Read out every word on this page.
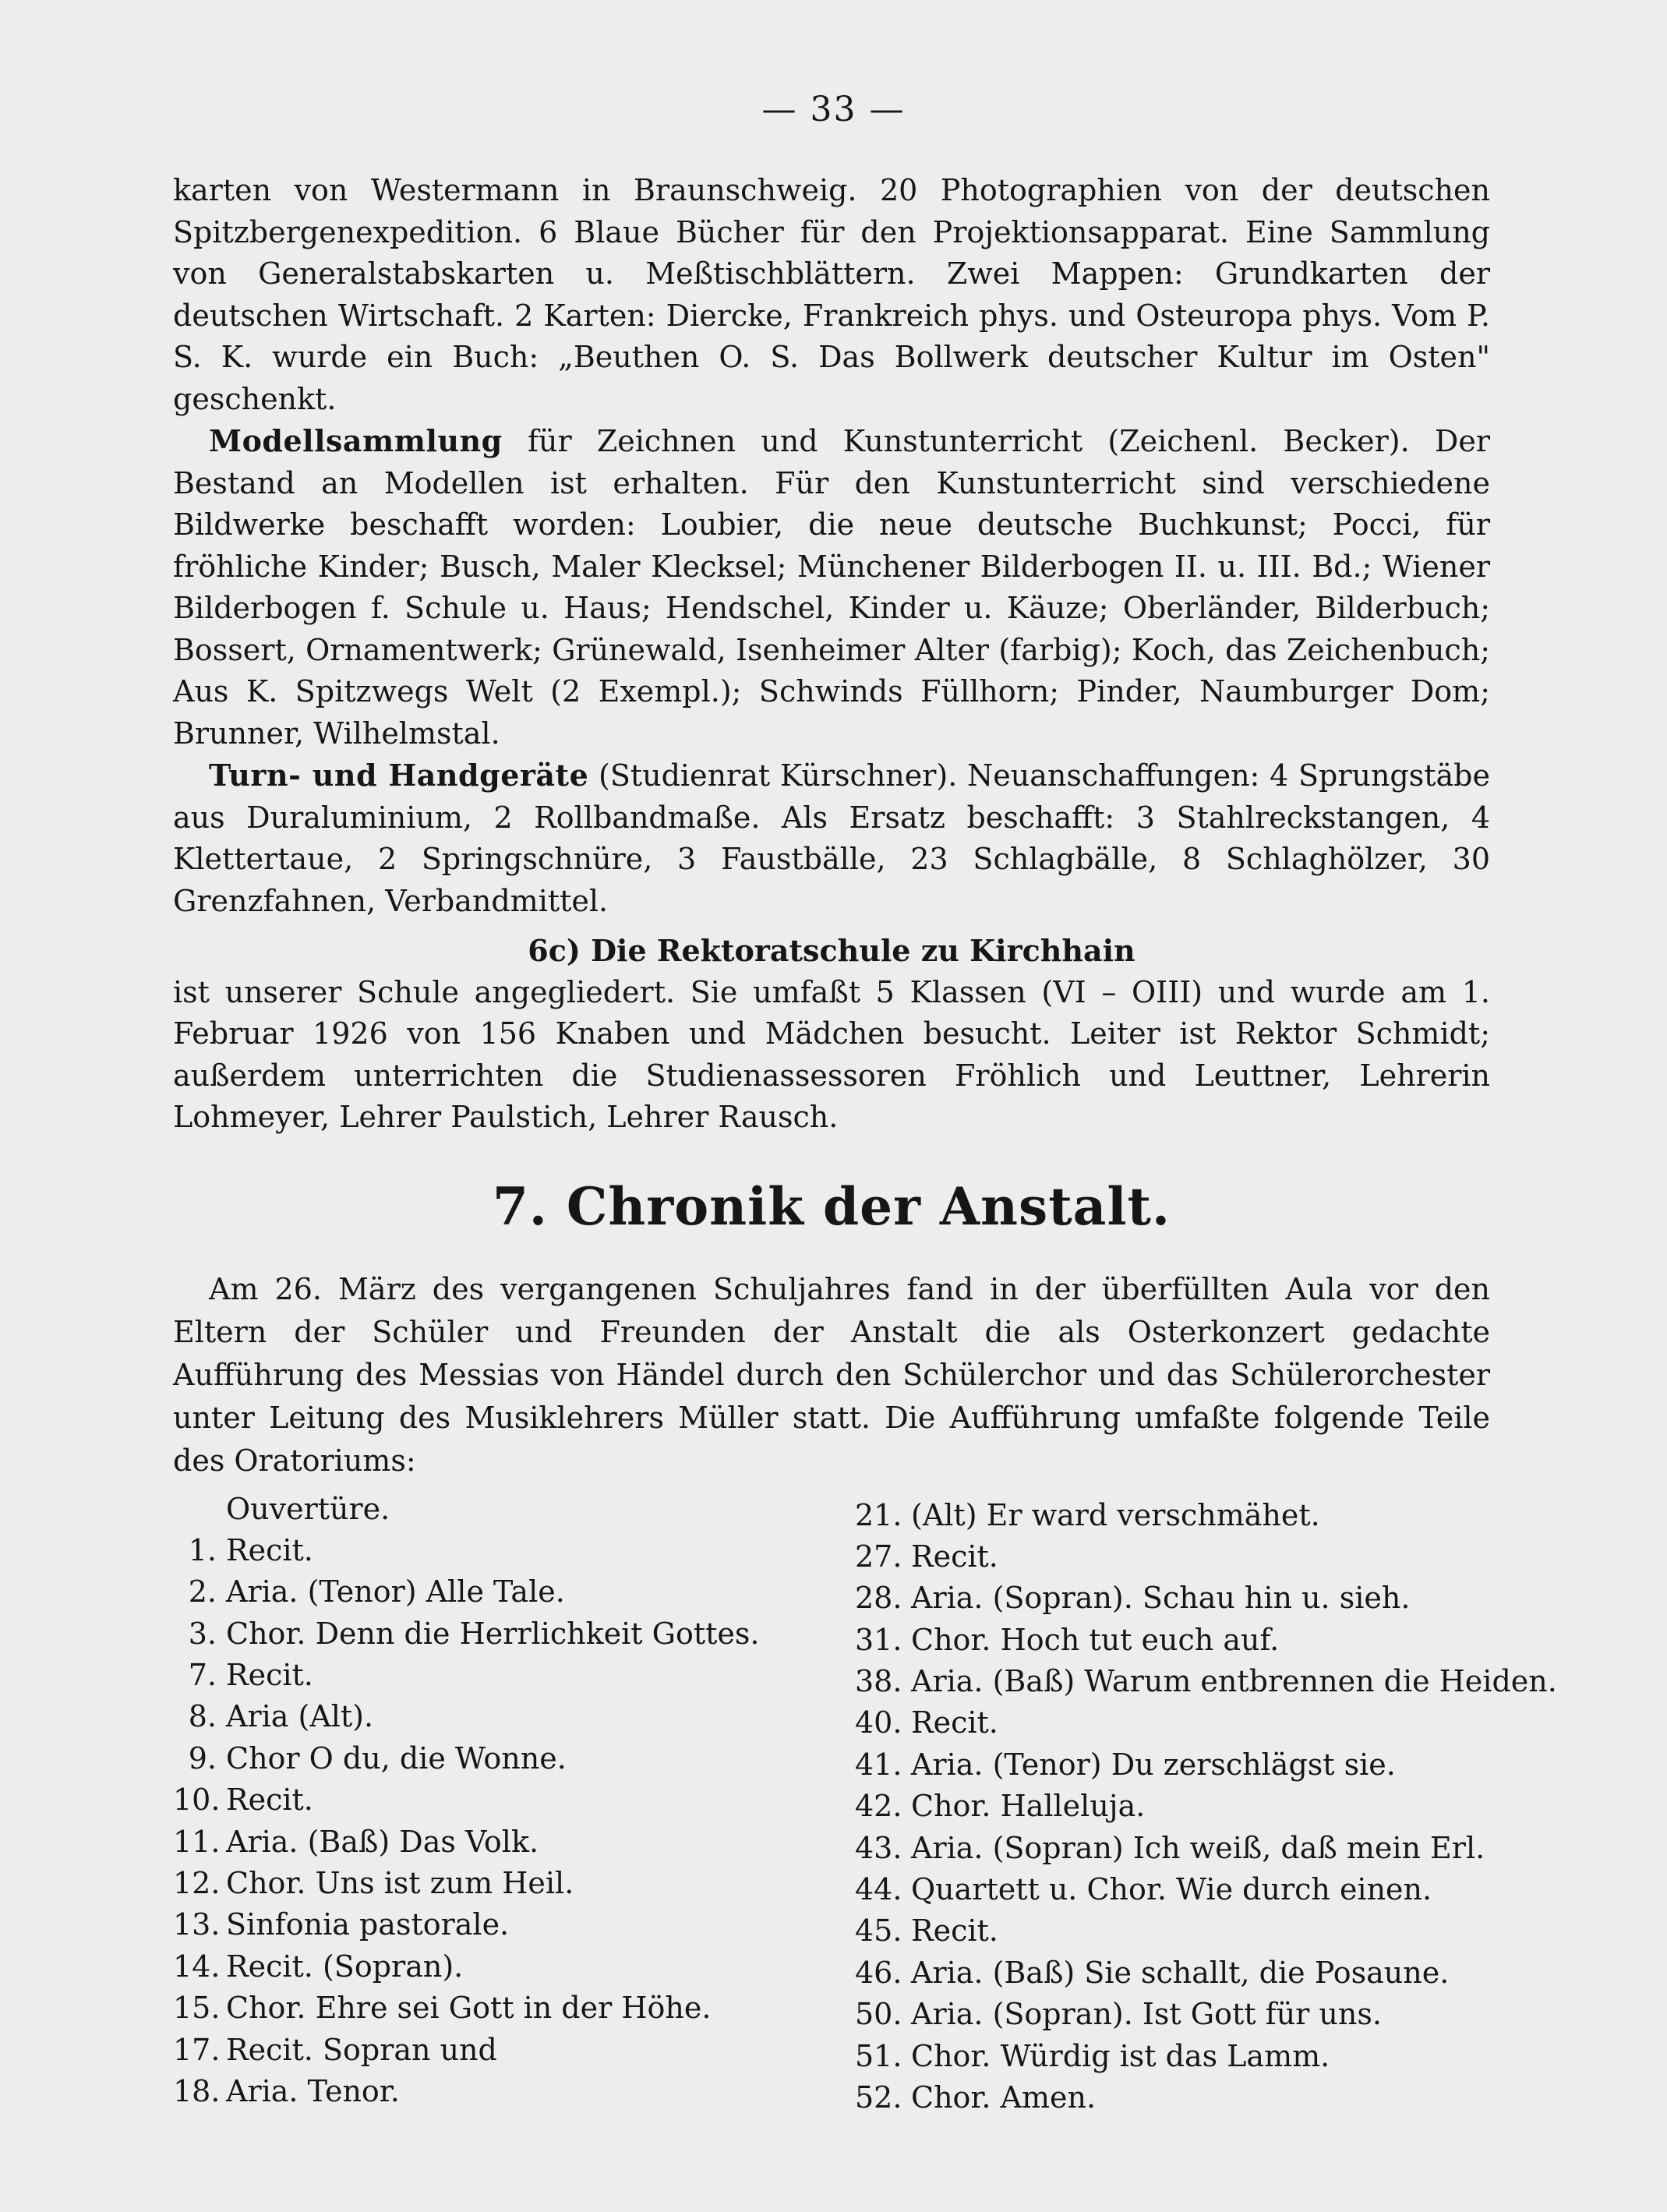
— 33 —

karten von Westermann in Braunschweig. 20 Photographien von der deutschen Spitzbergenexpedition. 6 Blaue Bücher für den Projektionsapparat. Eine Sammlung von Generalstabskarten u. Meßtischblättern. Zwei Mappen: Grundkarten der deutschen Wirtschaft. 2 Karten: Diercke, Frankreich phys. und Osteuropa phys. Vom P. S. K. wurde ein Buch: „Beuthen O. S. Das Bollwerk deutscher Kultur im Osten" geschenkt.

Modellsammlung für Zeichnen und Kunstunterricht (Zeichenl. Becker). Der Bestand an Modellen ist erhalten. Für den Kunstunterricht sind verschiedene Bildwerke beschafft worden: Loubier, die neue deutsche Buchkunst; Pocci, für fröhliche Kinder; Busch, Maler Klecksel; Münchener Bilderbogen II. u. III. Bd.; Wiener Bilderbogen f. Schule u. Haus; Hendschel, Kinder u. Käuze; Oberländer, Bilderbuch; Bossert, Ornamentwerk; Grünewald, Isenheimer Alter (farbig); Koch, das Zeichenbuch; Aus K. Spitzwegs Welt (2 Exempl.); Schwinds Füllhorn; Pinder, Naumburger Dom; Brunner, Wilhelmstal.

Turn- und Handgeräte (Studienrat Kürschner). Neuanschaffungen: 4 Sprungstäbe aus Duraluminium, 2 Rollbandmaße. Als Ersatz beschafft: 3 Stahlreckstangen, 4 Klettertaue, 2 Springschnüre, 3 Faustbälle, 23 Schlagbälle, 8 Schlaghölzer, 30 Grenzfahnen, Verbandmittel.

6c) Die Rektoratschule zu Kirchhain

ist unserer Schule angegliedert. Sie umfaßt 5 Klassen (VI – OIII) und wurde am 1. Februar 1926 von 156 Knaben und Mädchen besucht. Leiter ist Rektor Schmidt; außerdem unterrichten die Studienassessoren Fröhlich und Leuttner, Lehrerin Lohmeyer, Lehrer Paulstich, Lehrer Rausch.

7. Chronik der Anstalt.

Am 26. März des vergangenen Schuljahres fand in der überfüllten Aula vor den Eltern der Schüler und Freunden der Anstalt die als Osterkonzert gedachte Aufführung des Messias von Händel durch den Schülerchor und das Schülerorchester unter Leitung des Musiklehrers Müller statt. Die Aufführung umfaßte folgende Teile des Oratoriums:

Ouvertüre.
1. Recit.
2. Aria. (Tenor) Alle Tale.
3. Chor. Denn die Herrlichkeit Gottes.
7. Recit.
8. Aria (Alt).
9. Chor O du, die Wonne.
10. Recit.
11. Aria. (Baß) Das Volk.
12. Chor. Uns ist zum Heil.
13. Sinfonia pastorale.
14. Recit. (Sopran).
15. Chor. Ehre sei Gott in der Höhe.
17. Recit. Sopran und
18. Aria. Tenor.
21. (Alt) Er ward verschmähet.
27. Recit.
28. Aria. (Sopran). Schau hin u. sieh.
31. Chor. Hoch tut euch auf.
38. Aria. (Baß) Warum entbrennen die Heiden.
40. Recit.
41. Aria. (Tenor) Du zerschlägst sie.
42. Chor. Halleluja.
43. Aria. (Sopran) Ich weiß, daß mein Erl.
44. Quartett u. Chor. Wie durch einen.
45. Recit.
46. Aria. (Baß) Sie schallt, die Posaune.
50. Aria. (Sopran). Ist Gott für uns.
51. Chor. Würdig ist das Lamm.
52. Chor. Amen.
